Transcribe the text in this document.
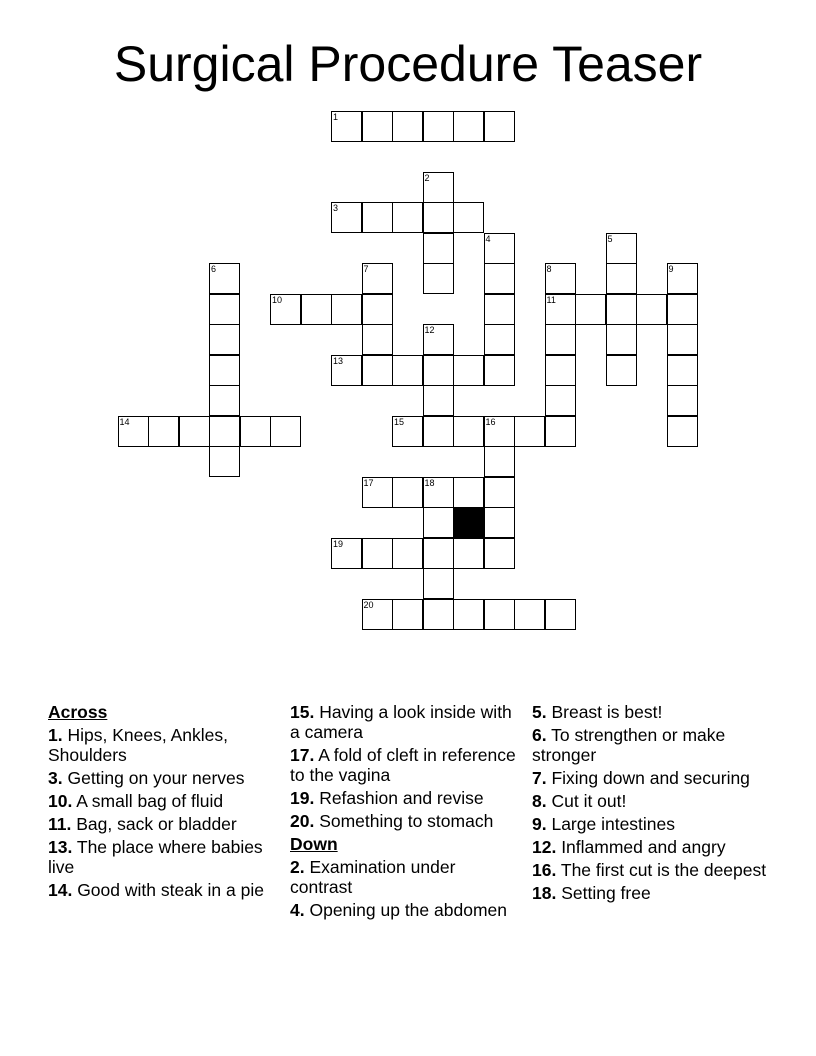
Surgical Procedure Teaser
1
2
3
4	5
6	7	8	9
10	11
12
13
14	15	16
17	18
19
20
Across
1. Hips, Knees, Ankles, Shoulders
3. Getting on your nerves
10. A small bag of fluid
11. Bag, sack or bladder
13. The place where babies live
14. Good with steak in a pie
15. Having a look inside with a camera
17. A fold of cleft in reference to the vagina
19. Refashion and revise
20. Something to stomach
Down
2. Examination under contrast
4. Opening up the abdomen
5. Breast is best!
6. To strengthen or make stronger
7. Fixing down and securing
8. Cut it out!
9. Large intestines
12. Inflammed and angry
16. The first cut is the deepest
18. Setting free
